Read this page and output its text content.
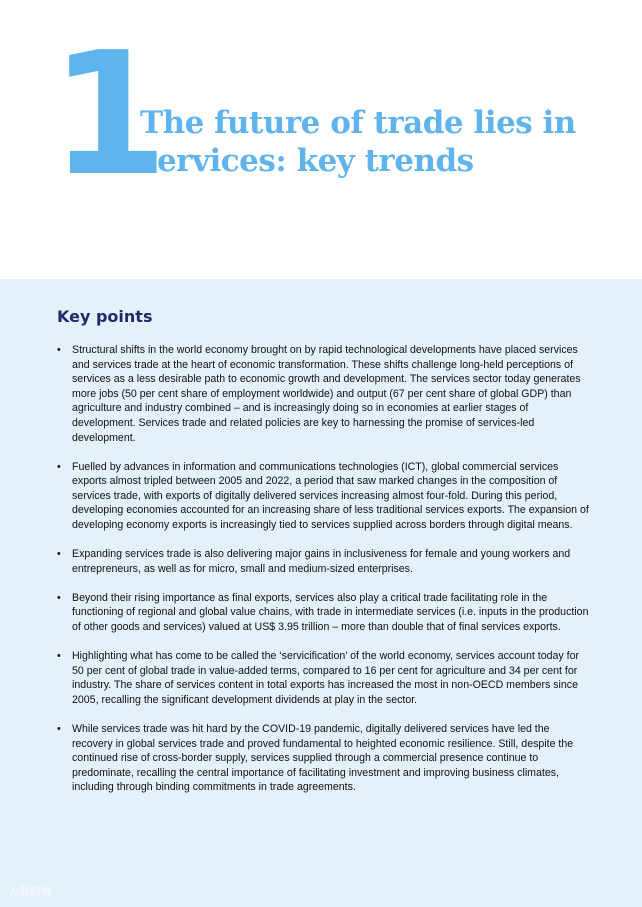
1
The future of trade lies in services: key trends
Key points
• Structural shifts in the world economy brought on by rapid technological developments have placed services and services trade at the heart of economic transformation. These shifts challenge long-held perceptions of services as a less desirable path to economic growth and development. The services sector today generates more jobs (50 per cent share of employment worldwide) and output (67 per cent share of global GDP) than agriculture and industry combined – and is increasingly doing so in economies at earlier stages of development. Services trade and related policies are key to harnessing the promise of services-led development.
• Fuelled by advances in information and communications technologies (ICT), global commercial services exports almost tripled between 2005 and 2022, a period that saw marked changes in the composition of services trade, with exports of digitally delivered services increasing almost four-fold. During this period, developing economies accounted for an increasing share of less traditional services exports. The expansion of developing economy exports is increasingly tied to services supplied across borders through digital means.
• Expanding services trade is also delivering major gains in inclusiveness for female and young workers and entrepreneurs, as well as for micro, small and medium-sized enterprises.
• Beyond their rising importance as final exports, services also play a critical trade facilitating role in the functioning of regional and global value chains, with trade in intermediate services (i.e. inputs in the production of other goods and services) valued at US$ 3.95 trillion – more than double that of final services exports.
• Highlighting what has come to be called the ‘servicification’ of the world economy, services account today for 50 per cent of global trade in value-added terms, compared to 16 per cent for agriculture and 34 per cent for industry. The share of services content in total exports has increased the most in non-OECD members since 2005, recalling the significant development dividends at play in the sector.
• While services trade was hit hard by the COVID-19 pandemic, digitally delivered services have led the recovery in global services trade and proved fundamental to heighted economic resilience. Still, despite the continued rise of cross-border supply, services supplied through a commercial presence continue to predominate, recalling the central importance of facilitating investment and improving business climates, including through binding commitments in trade agreements.
大数跨境
